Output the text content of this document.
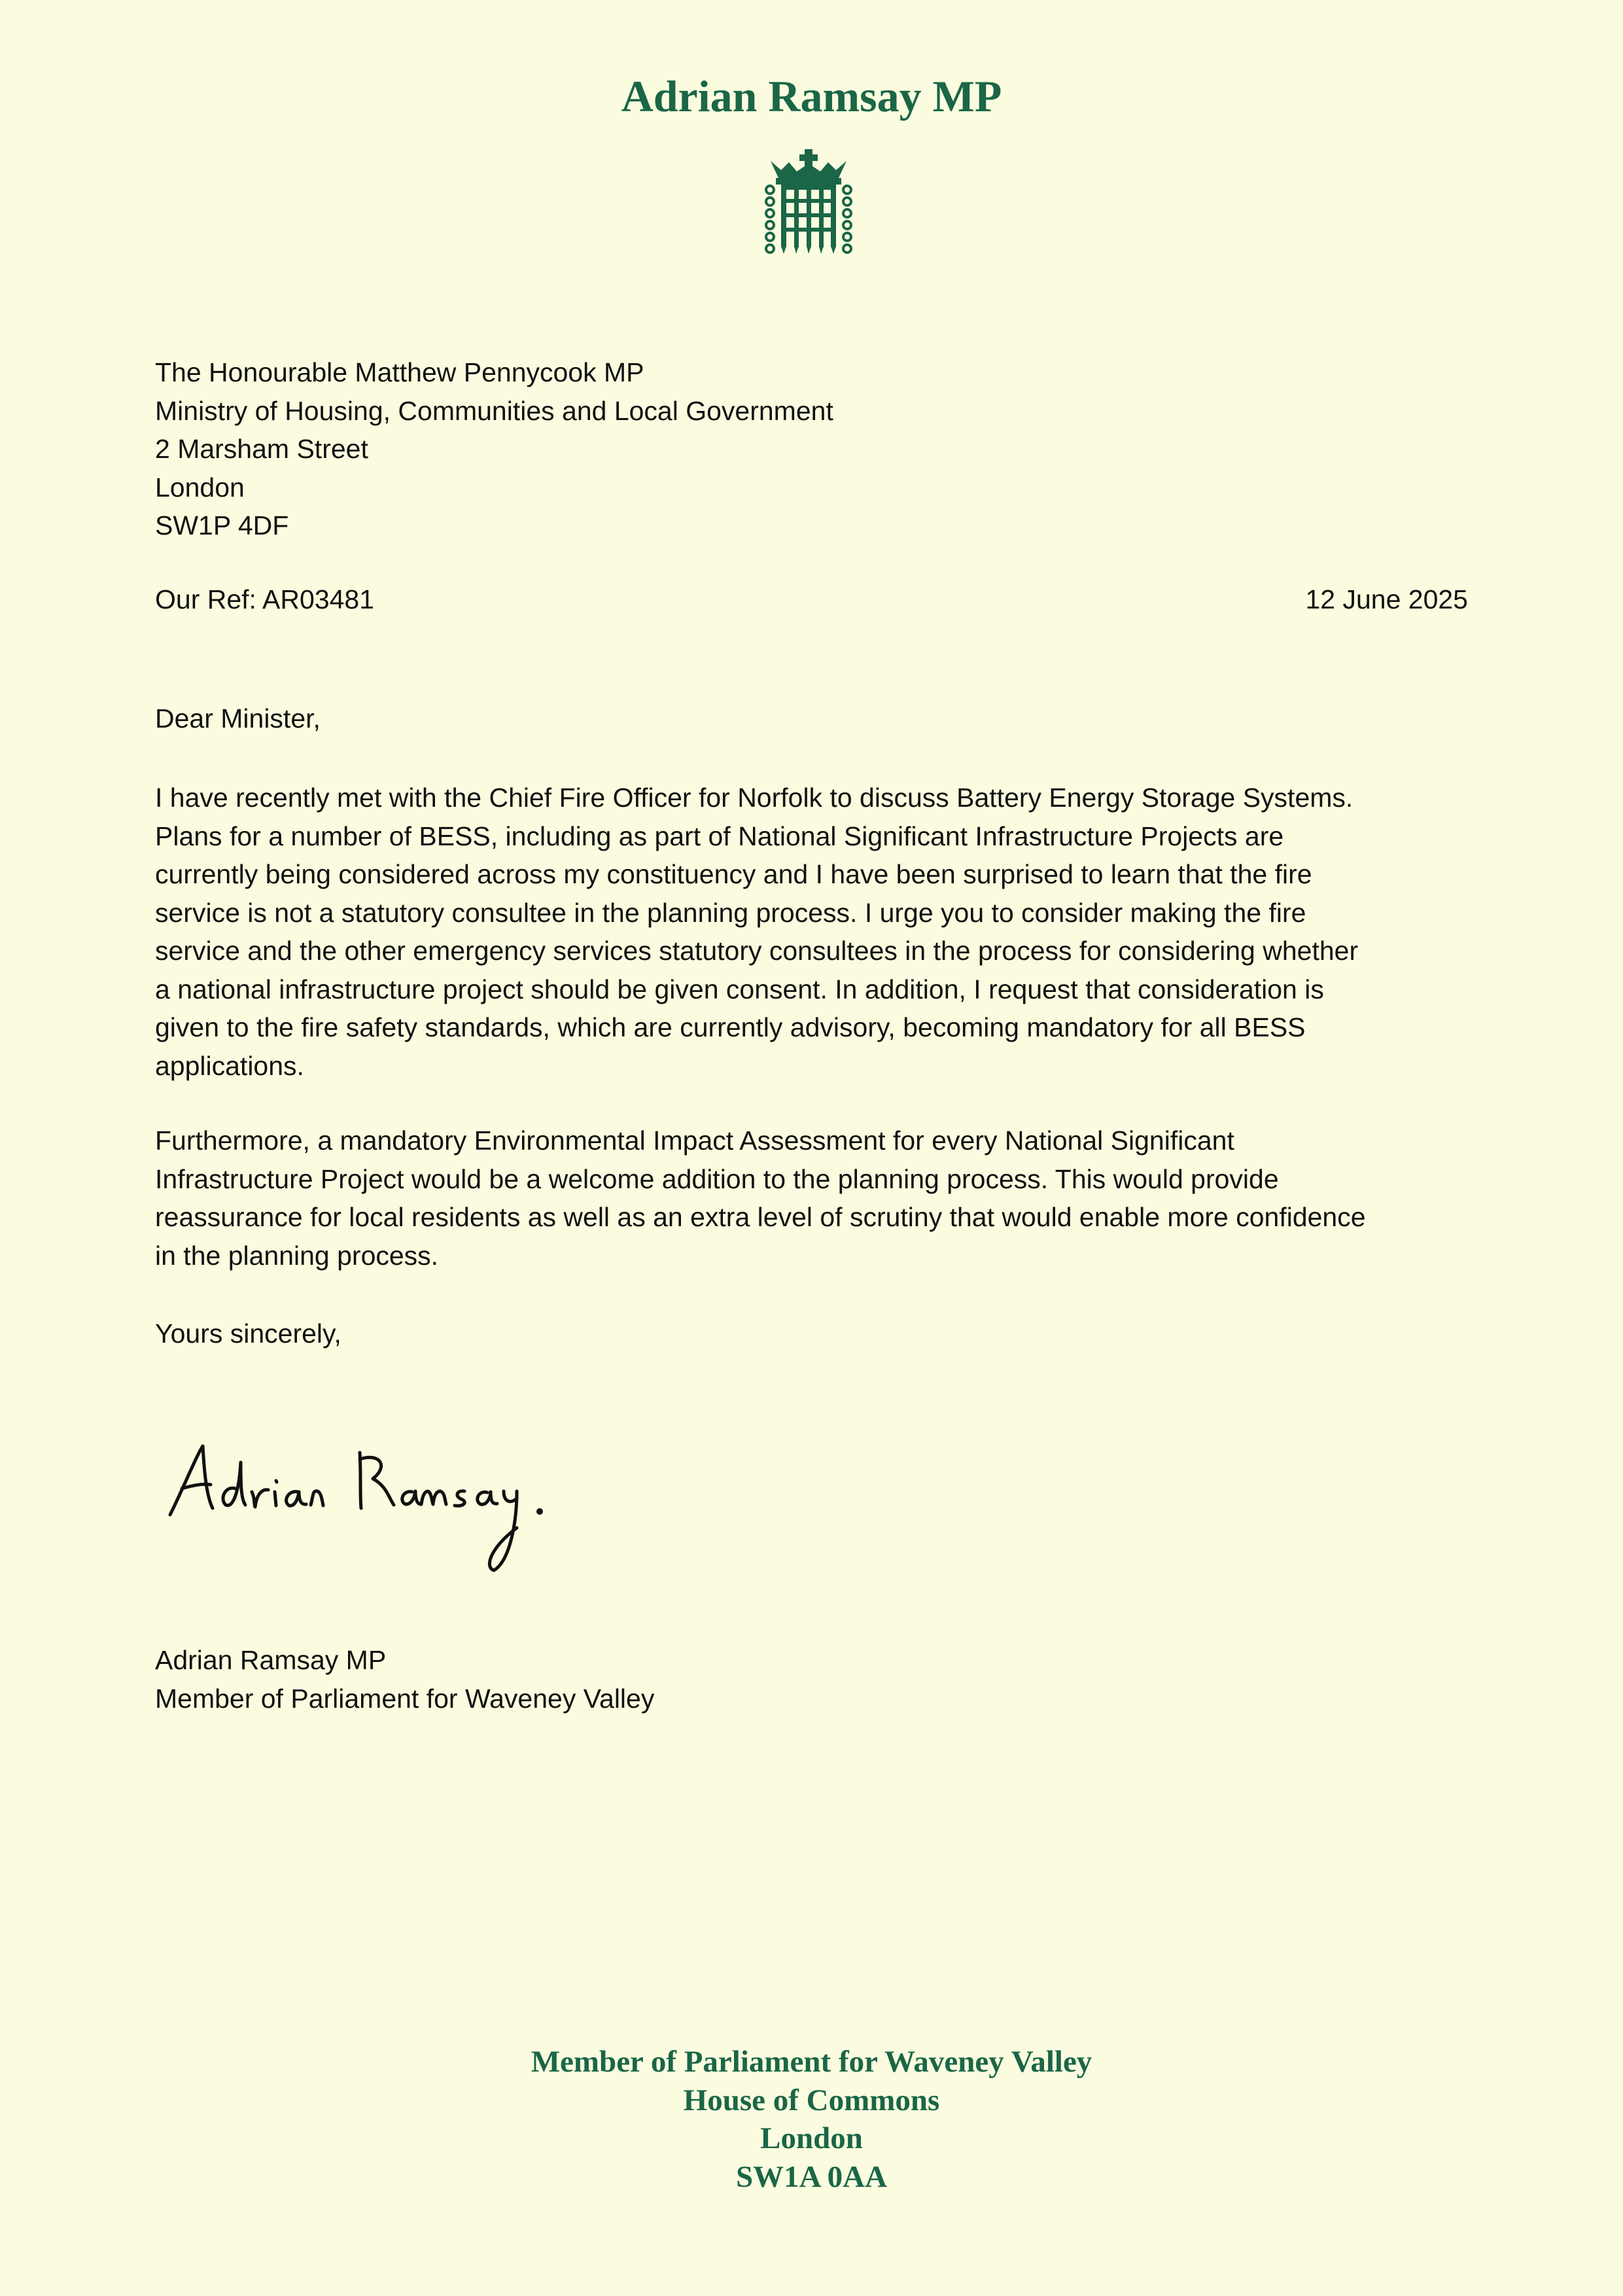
Adrian Ramsay MP
The Honourable Matthew Pennycook MP
Ministry of Housing, Communities and Local Government
2 Marsham Street
London
SW1P 4DF
Our Ref: AR03481	12 June 2025
Dear Minister,
I have recently met with the Chief Fire Officer for Norfolk to discuss Battery Energy Storage Systems.
Plans for a number of BESS, including as part of National Significant Infrastructure Projects are
currently being considered across my constituency and I have been surprised to learn that the fire
service is not a statutory consultee in the planning process. I urge you to consider making the fire
service and the other emergency services statutory consultees in the process for considering whether
a national infrastructure project should be given consent. In addition, I request that consideration is
given to the fire safety standards, which are currently advisory, becoming mandatory for all BESS
applications.
Furthermore, a mandatory Environmental Impact Assessment for every National Significant
Infrastructure Project would be a welcome addition to the planning process. This would provide
reassurance for local residents as well as an extra level of scrutiny that would enable more confidence
in the planning process.
Yours sincerely,
Adrian Ramsay MP
Member of Parliament for Waveney Valley
Member of Parliament for Waveney Valley
House of Commons
London
SW1A 0AA
